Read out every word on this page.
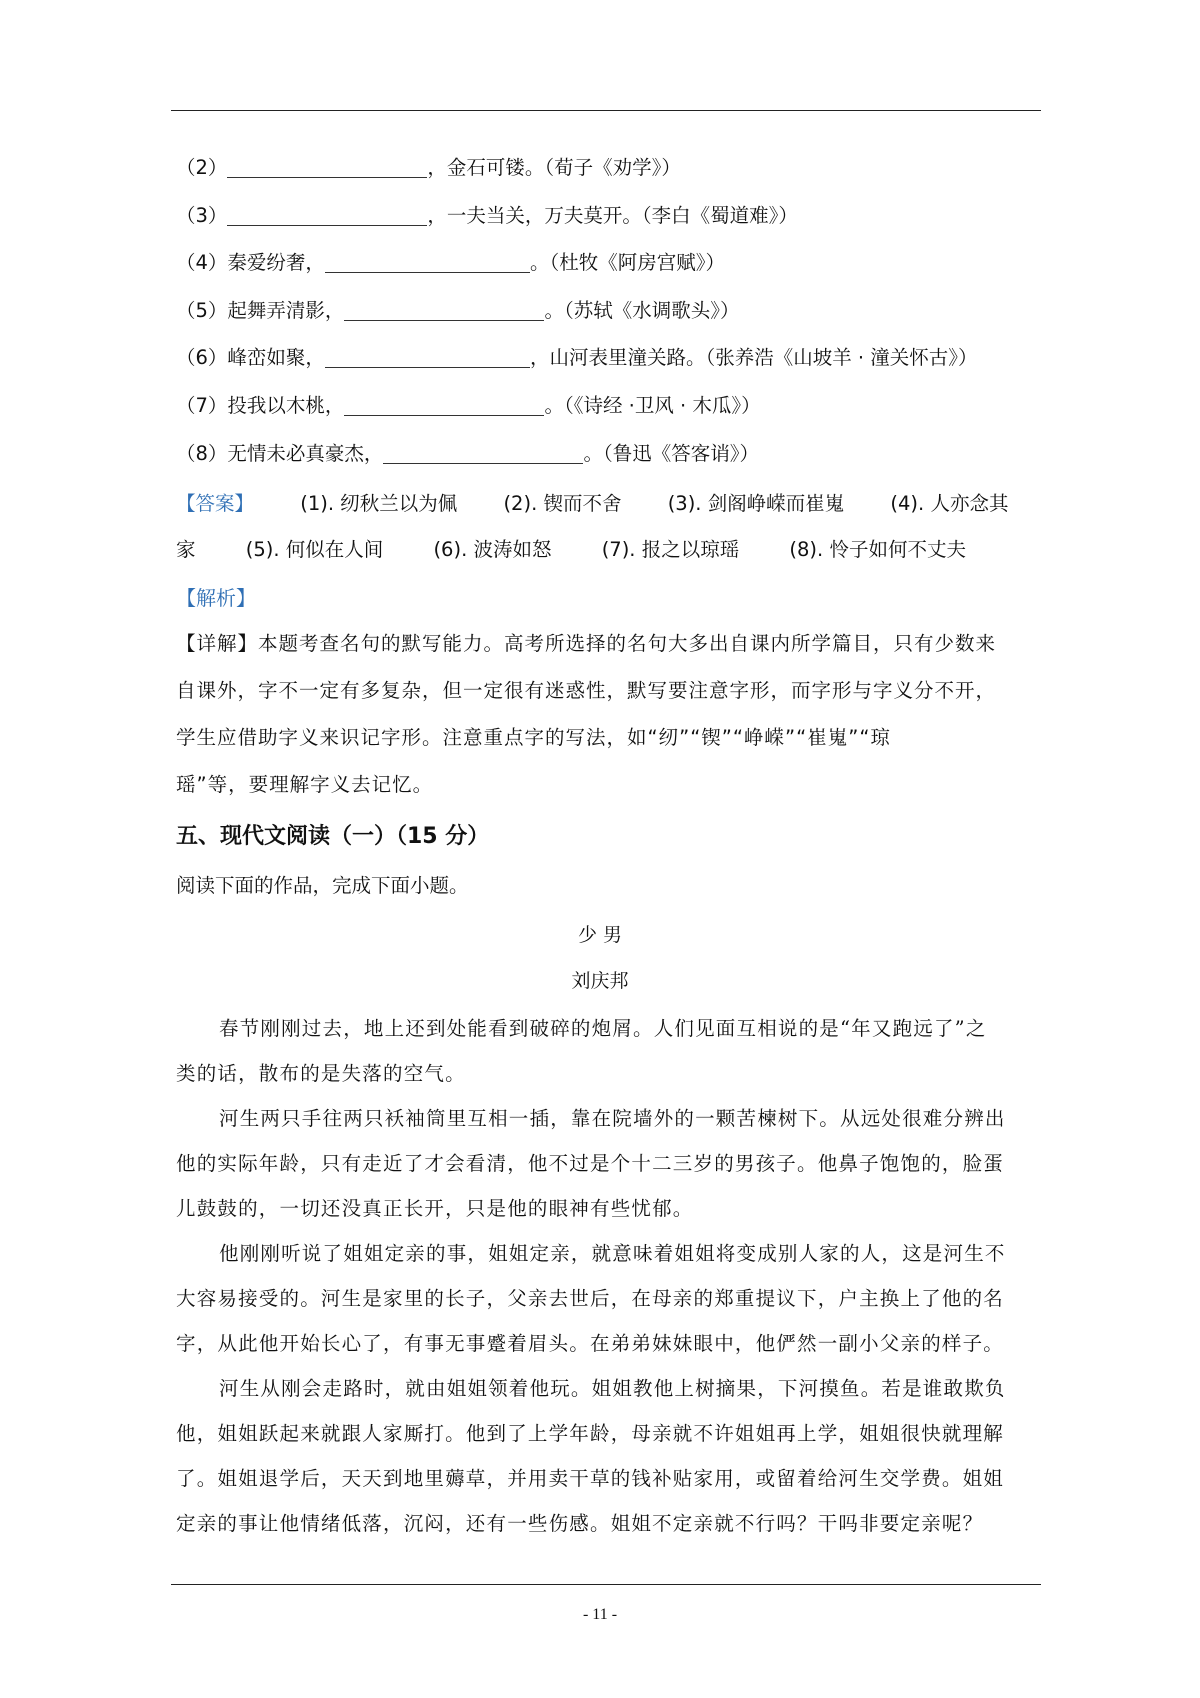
（2）	，金石可镂。（荀子《劝学》）
（3）	，一夫当关，万夫莫开。（李白《蜀道难》）
（4）秦爱纷奢，	。（杜牧《阿房宫赋》）
（5）起舞弄清影，	。（苏轼《水调歌头》）
（6）峰峦如聚，	，山河表里潼关路。（张养浩《山坡羊 · 潼关怀古》）
（7）投我以木桃，	。（《诗经 ·卫风 · 木瓜》）
（8）无情未必真豪杰，	。（鲁迅《答客诮》）
【答案】 (1). 纫秋兰以为佩 (2). 锲而不舍 (3). 剑阁峥嵘而崔嵬 (4). 人亦念其
家	(5). 何似在人间	(6). 波涛如怒	(7). 报之以琼瑶	(8). 怜子如何不丈夫
【解析】
【详解】本题考查名句的默写能力。高考所选择的名句大多出自课内所学篇目，只有少数来
自课外，字不一定有多复杂，但一定很有迷惑性，默写要注意字形，而字形与字义分不开，
学生应借助字义来识记字形。注意重点字的写法，如“纫”“锲”“峥嵘”“崔嵬”“琼
瑶”等，要理解字义去记忆。
五、现代文阅读（一）（15 分）
阅读下面的作品，完成下面小题。
少 男
刘庆邦
春节刚刚过去，地上还到处能看到破碎的炮屑。人们见面互相说的是“年又跑远了”之
类的话，散布的是失落的空气。
河生两只手往两只袄袖筒里互相一插，靠在院墙外的一颗苦楝树下。从远处很难分辨出
他的实际年龄，只有走近了才会看清，他不过是个十二三岁的男孩子。他鼻子饱饱的，脸蛋
儿鼓鼓的，一切还没真正长开，只是他的眼神有些忧郁。
他刚刚听说了姐姐定亲的事，姐姐定亲，就意味着姐姐将变成别人家的人，这是河生不
大容易接受的。河生是家里的长子，父亲去世后，在母亲的郑重提议下，户主换上了他的名
字，从此他开始长心了，有事无事蹙着眉头。在弟弟妹妹眼中，他俨然一副小父亲的样子。
河生从刚会走路时，就由姐姐领着他玩。姐姐教他上树摘果，下河摸鱼。若是谁敢欺负
他，姐姐跃起来就跟人家厮打。他到了上学年龄，母亲就不许姐姐再上学，姐姐很快就理解
了。姐姐退学后，天天到地里薅草，并用卖干草的钱补贴家用，或留着给河生交学费。姐姐
定亲的事让他情绪低落，沉闷，还有一些伤感。姐姐不定亲就不行吗？干吗非要定亲呢？
- 11 -
